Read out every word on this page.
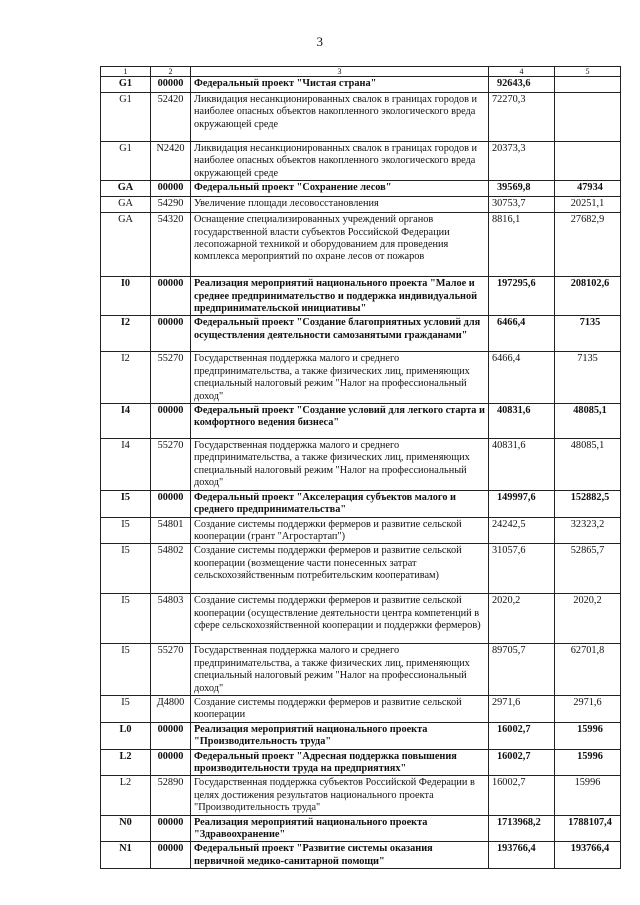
3
1	2	3	4	5
G1	00000	Федеральный проект "Чистая страна"	92643,6	
G1	52420	Ликвидация несанкционированных свалок в границах городов и наиболее опасных объектов накопленного экологического вреда окружающей среде	72270,3	
G1	N2420	Ликвидация несанкционированных свалок в границах городов и наиболее опасных объектов накопленного экологического вреда окружающей среде	20373,3	
GA	00000	Федеральный проект "Сохранение лесов"	39569,8	47934
GA	54290	Увеличение площади лесовосстановления	30753,7	20251,1
GA	54320	Оснащение специализированных учреждений органов государственной власти субъектов Российской Федерации лесопожарной техникой и оборудованием для проведения комплекса мероприятий по охране лесов от пожаров	8816,1	27682,9
I0	00000	Реализация мероприятий национального проекта "Малое и среднее предпринимательство и поддержка индивидуальной предпринимательской инициативы"	197295,6	208102,6
I2	00000	Федеральный проект "Создание благоприятных условий для осуществления деятельности самозанятыми гражданами"	6466,4	7135
I2	55270	Государственная поддержка малого и среднего предпринимательства, а также физических лиц, применяющих специальный налоговый режим "Налог на профессиональный доход"	6466,4	7135
I4	00000	Федеральный проект "Создание условий для легкого старта и комфортного ведения бизнеса"	40831,6	48085,1
I4	55270	Государственная поддержка малого и среднего предпринимательства, а также физических лиц, применяющих специальный налоговый режим "Налог на профессиональный доход"	40831,6	48085,1
I5	00000	Федеральный проект "Акселерация субъектов малого и среднего предпринимательства"	149997,6	152882,5
I5	54801	Создание системы поддержки фермеров и развитие сельской кооперации (грант "Агростартап")	24242,5	32323,2
I5	54802	Создание системы поддержки фермеров и развитие сельской кооперации (возмещение части понесенных затрат сельскохозяйственным потребительским кооперативам)	31057,6	52865,7
I5	54803	Создание системы поддержки фермеров и развитие сельской кооперации (осуществление деятельности центра компетенций в сфере сельскохозяйственной кооперации и поддержки фермеров)	2020,2	2020,2
I5	55270	Государственная поддержка малого и среднего предпринимательства, а также физических лиц, применяющих специальный налоговый режим "Налог на профессиональный доход"	89705,7	62701,8
I5	Д4800	Создание системы поддержки фермеров и развитие сельской кооперации	2971,6	2971,6
L0	00000	Реализация мероприятий национального проекта "Производительность труда"	16002,7	15996
L2	00000	Федеральный проект "Адресная поддержка повышения производительности труда на предприятиях"	16002,7	15996
L2	52890	Государственная поддержка субъектов Российской Федерации в целях достижения результатов национального проекта "Производительность труда"	16002,7	15996
N0	00000	Реализация мероприятий национального проекта "Здравоохранение"	1713968,2	1788107,4
N1	00000	Федеральный проект "Развитие системы оказания первичной медико-санитарной помощи"	193766,4	193766,4
